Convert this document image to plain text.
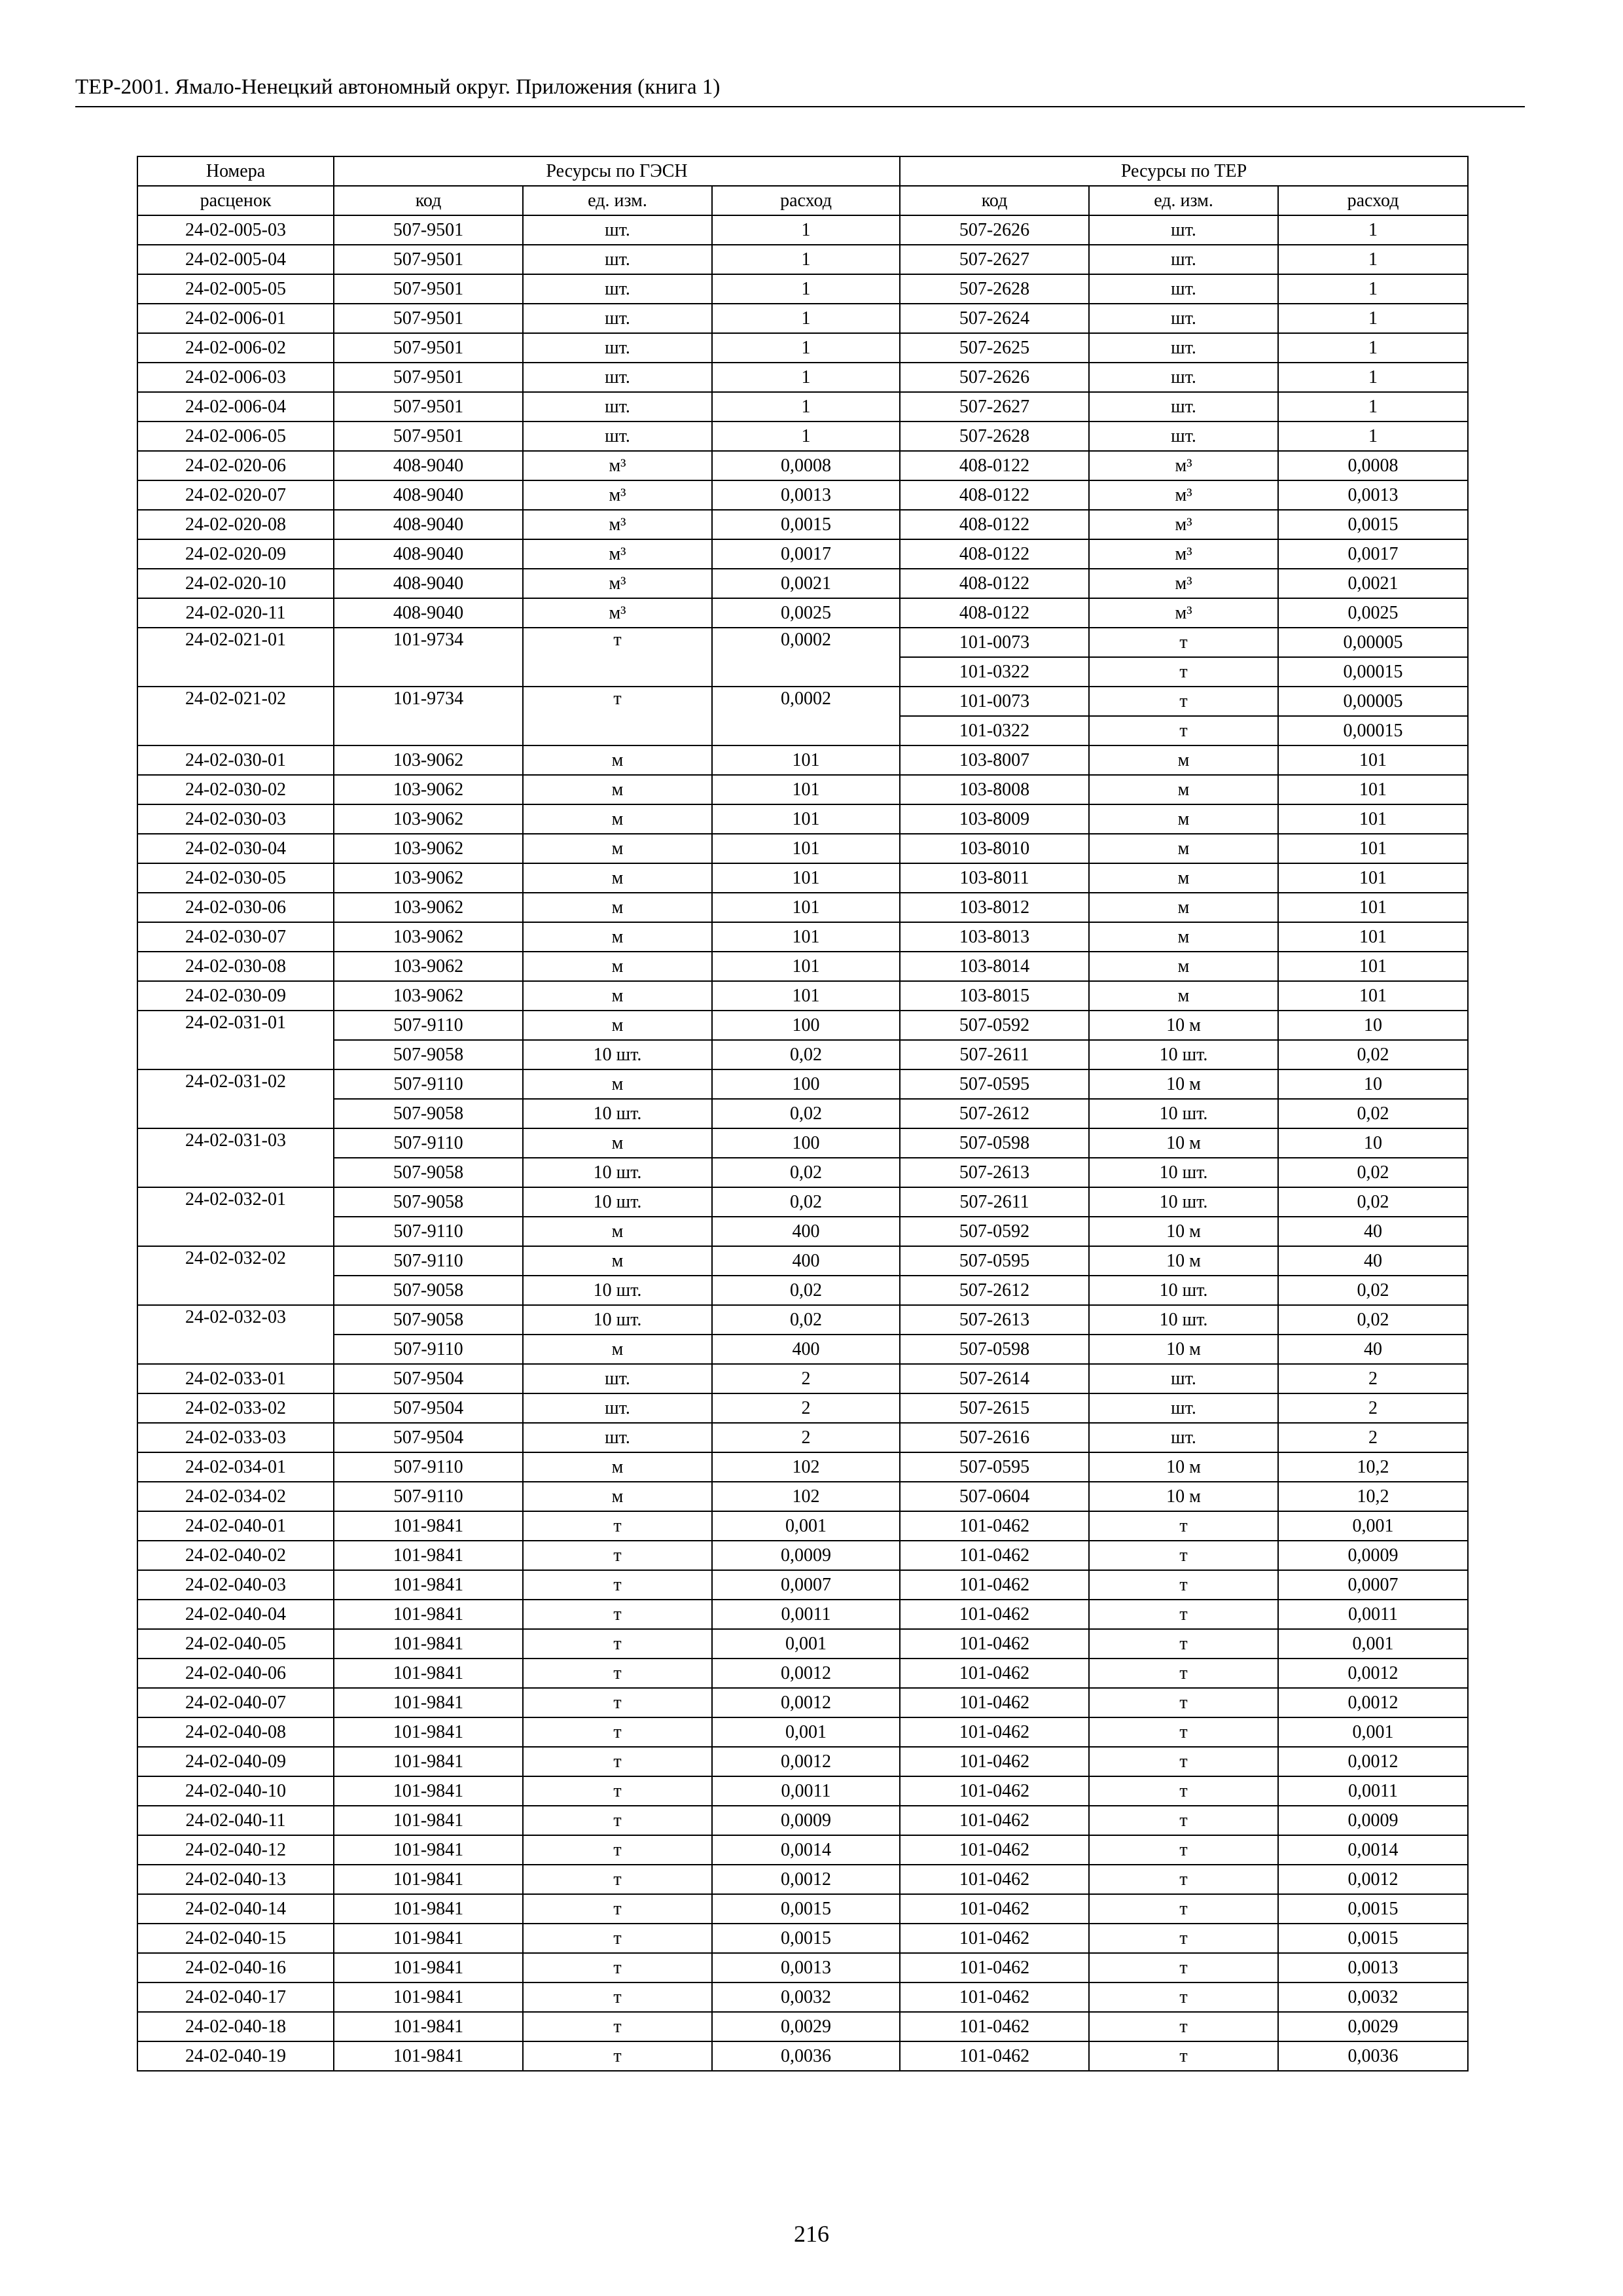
ТЕР-2001. Ямало-Ненецкий автономный округ. Приложения (книга 1)
Номера	Ресурсы по ГЭСН			Ресурсы по ТЕР		
расценок	код	ед. изм.	расход	код	ед. изм.	расход
24-02-005-03	507-9501	шт.	1	507-2626	шт.	1
24-02-005-04	507-9501	шт.	1	507-2627	шт.	1
24-02-005-05	507-9501	шт.	1	507-2628	шт.	1
24-02-006-01	507-9501	шт.	1	507-2624	шт.	1
24-02-006-02	507-9501	шт.	1	507-2625	шт.	1
24-02-006-03	507-9501	шт.	1	507-2626	шт.	1
24-02-006-04	507-9501	шт.	1	507-2627	шт.	1
24-02-006-05	507-9501	шт.	1	507-2628	шт.	1
24-02-020-06	408-9040	м³	0,0008	408-0122	м³	0,0008
24-02-020-07	408-9040	м³	0,0013	408-0122	м³	0,0013
24-02-020-08	408-9040	м³	0,0015	408-0122	м³	0,0015
24-02-020-09	408-9040	м³	0,0017	408-0122	м³	0,0017
24-02-020-10	408-9040	м³	0,0021	408-0122	м³	0,0021
24-02-020-11	408-9040	м³	0,0025	408-0122	м³	0,0025
24-02-021-01	101-9734	т	0,0002	101-0073	т	0,00005
				101-0322	т	0,00015
24-02-021-02	101-9734	т	0,0002	101-0073	т	0,00005
				101-0322	т	0,00015
24-02-030-01	103-9062	м	101	103-8007	м	101
24-02-030-02	103-9062	м	101	103-8008	м	101
24-02-030-03	103-9062	м	101	103-8009	м	101
24-02-030-04	103-9062	м	101	103-8010	м	101
24-02-030-05	103-9062	м	101	103-8011	м	101
24-02-030-06	103-9062	м	101	103-8012	м	101
24-02-030-07	103-9062	м	101	103-8013	м	101
24-02-030-08	103-9062	м	101	103-8014	м	101
24-02-030-09	103-9062	м	101	103-8015	м	101
24-02-031-01	507-9110	м	100	507-0592	10 м	10
	507-9058	10 шт.	0,02	507-2611	10 шт.	0,02
24-02-031-02	507-9110	м	100	507-0595	10 м	10
	507-9058	10 шт.	0,02	507-2612	10 шт.	0,02
24-02-031-03	507-9110	м	100	507-0598	10 м	10
	507-9058	10 шт.	0,02	507-2613	10 шт.	0,02
24-02-032-01	507-9058	10 шт.	0,02	507-2611	10 шт.	0,02
	507-9110	м	400	507-0592	10 м	40
24-02-032-02	507-9110	м	400	507-0595	10 м	40
	507-9058	10 шт.	0,02	507-2612	10 шт.	0,02
24-02-032-03	507-9058	10 шт.	0,02	507-2613	10 шт.	0,02
	507-9110	м	400	507-0598	10 м	40
24-02-033-01	507-9504	шт.	2	507-2614	шт.	2
24-02-033-02	507-9504	шт.	2	507-2615	шт.	2
24-02-033-03	507-9504	шт.	2	507-2616	шт.	2
24-02-034-01	507-9110	м	102	507-0595	10 м	10,2
24-02-034-02	507-9110	м	102	507-0604	10 м	10,2
24-02-040-01	101-9841	т	0,001	101-0462	т	0,001
24-02-040-02	101-9841	т	0,0009	101-0462	т	0,0009
24-02-040-03	101-9841	т	0,0007	101-0462	т	0,0007
24-02-040-04	101-9841	т	0,0011	101-0462	т	0,0011
24-02-040-05	101-9841	т	0,001	101-0462	т	0,001
24-02-040-06	101-9841	т	0,0012	101-0462	т	0,0012
24-02-040-07	101-9841	т	0,0012	101-0462	т	0,0012
24-02-040-08	101-9841	т	0,001	101-0462	т	0,001
24-02-040-09	101-9841	т	0,0012	101-0462	т	0,0012
24-02-040-10	101-9841	т	0,0011	101-0462	т	0,0011
24-02-040-11	101-9841	т	0,0009	101-0462	т	0,0009
24-02-040-12	101-9841	т	0,0014	101-0462	т	0,0014
24-02-040-13	101-9841	т	0,0012	101-0462	т	0,0012
24-02-040-14	101-9841	т	0,0015	101-0462	т	0,0015
24-02-040-15	101-9841	т	0,0015	101-0462	т	0,0015
24-02-040-16	101-9841	т	0,0013	101-0462	т	0,0013
24-02-040-17	101-9841	т	0,0032	101-0462	т	0,0032
24-02-040-18	101-9841	т	0,0029	101-0462	т	0,0029
24-02-040-19	101-9841	т	0,0036	101-0462	т	0,0036
216
